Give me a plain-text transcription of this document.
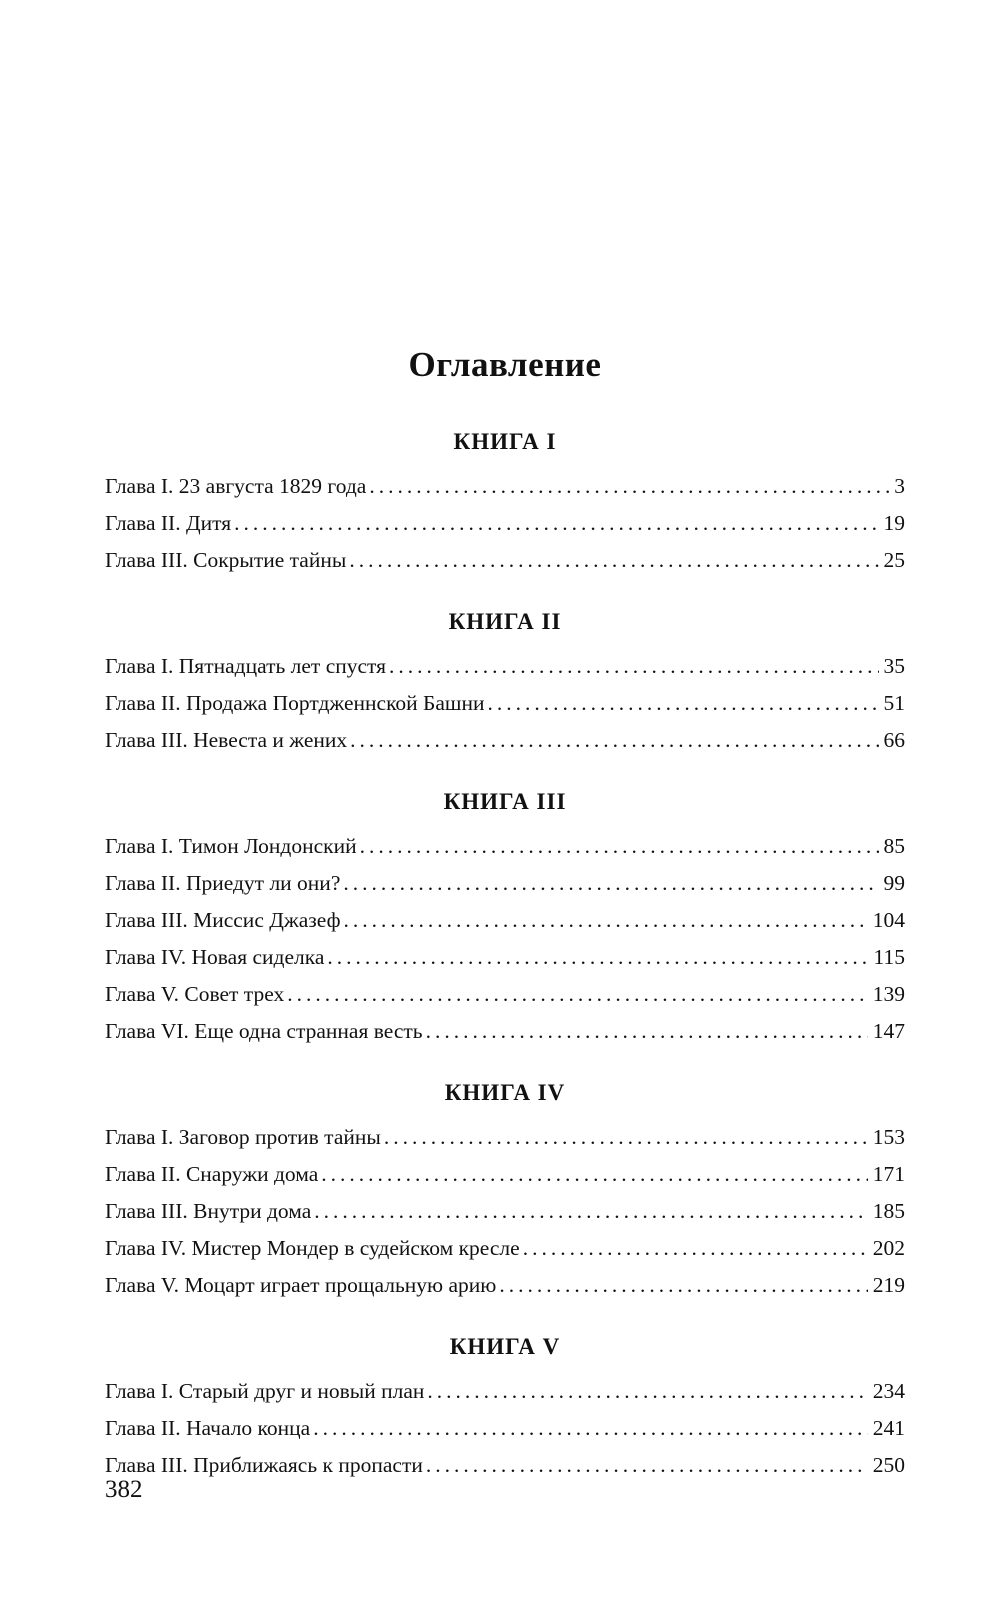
Оглавление
КНИГА I
Глава I. 23 августа 1829 года .....	3
Глава II. Дитя .....	19
Глава III. Сокрытие тайны .....	25
КНИГА II
Глава I. Пятнадцать лет спустя .....	35
Глава II. Продажа Портдженнской Башни .....	51
Глава III. Невеста и жених .....	66
КНИГА III
Глава I. Тимон Лондонский .....	85
Глава II. Приедут ли они? .....	99
Глава III. Миссис Джазеф .....	104
Глава IV. Новая сиделка .....	115
Глава V. Совет трех .....	139
Глава VI. Еще одна странная весть .....	147
КНИГА IV
Глава I. Заговор против тайны .....	153
Глава II. Снаружи дома .....	171
Глава III. Внутри дома .....	185
Глава IV. Мистер Мондер в судейском кресле .....	202
Глава V. Моцарт играет прощальную арию .....	219
КНИГА V
Глава I. Старый друг и новый план .....	234
Глава II. Начало конца .....	241
Глава III. Приближаясь к пропасти .....	250
382
